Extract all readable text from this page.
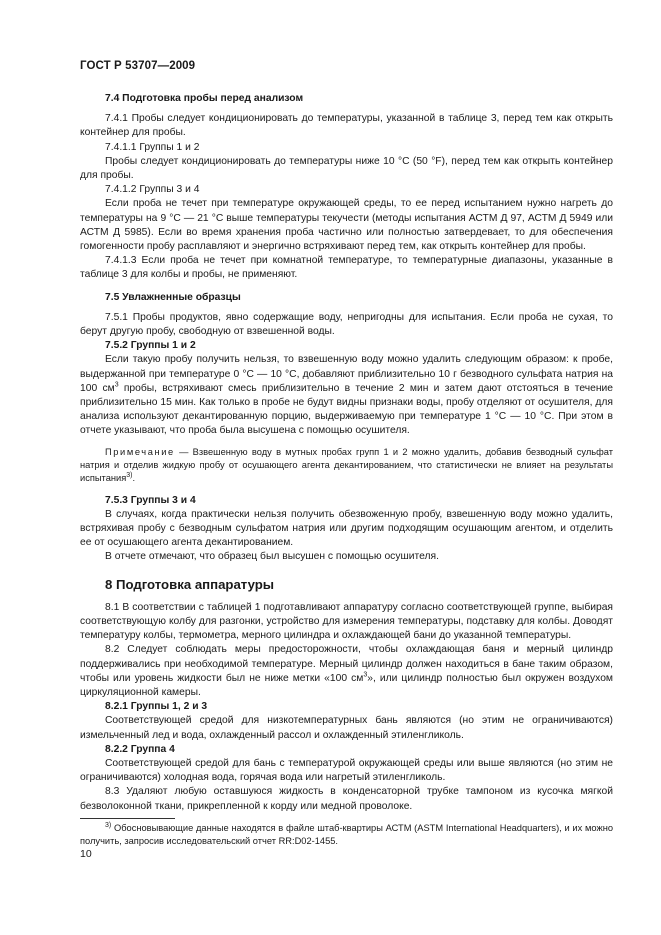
ГОСТ Р 53707—2009
7.4 Подготовка пробы перед анализом

7.4.1 Пробы следует кондиционировать до температуры, указанной в таблице 3, перед тем как открыть контейнер для пробы.

7.4.1.1 Группы 1 и 2

Пробы следует кондиционировать до температуры ниже 10 °С (50 °F), перед тем как открыть контейнер для пробы.

7.4.1.2 Группы 3 и 4

Если проба не течет при температуре окружающей среды, то ее перед испытанием нужно нагреть до температуры на 9 °С — 21 °С выше температуры текучести (методы испытания АСТМ Д 97, АСТМ Д 5949 или АСТМ Д 5985). Если во время хранения проба частично или полностью затвердевает, то для обеспечения гомогенности пробу расплавляют и энергично встряхивают перед тем, как открыть контейнер для пробы.

7.4.1.3 Если проба не течет при комнатной температуре, то температурные диапазоны, указанные в таблице 3 для колбы и пробы, не применяют.

7.5 Увлажненные образцы

7.5.1 Пробы продуктов, явно содержащие воду, непригодны для испытания. Если проба не сухая, то берут другую пробу, свободную от взвешенной воды.

7.5.2 Группы 1 и 2

Если такую пробу получить нельзя, то взвешенную воду можно удалить следующим образом: к пробе, выдержанной при температуре 0 °С — 10 °С, добавляют приблизительно 10 г безводного сульфата натрия на 100 $см^3$ пробы, встряхивают смесь приблизительно в течение 2 мин и затем дают отстояться в течение приблизительно 15 мин. Как только в пробе не будут видны признаки воды, пробу отделяют от осушителя, для анализа используют декантированную порцию, выдерживаемую при температуре 1 °С — 10 °С. При этом в отчете указывают, что проба была высушена с помощью осушителя.

Примечание — Взвешенную воду в мутных пробах групп 1 и 2 можно удалить, добавив безводный сульфат натрия и отделив жидкую пробу от осушающего агента декантированием, что статистически не влияет на результаты испытания$^{3)}$.

7.5.3 Группы 3 и 4

В случаях, когда практически нельзя получить обезвоженную пробу, взвешенную воду можно удалить, встряхивая пробу с безводным сульфатом натрия или другим подходящим осушающим агентом, и отделить ее от осушающего агента декантированием.

В отчете отмечают, что образец был высушен с помощью осушителя.

8 Подготовка аппаратуры

8.1 В соответствии с таблицей 1 подготавливают аппаратуру согласно соответствующей группе, выбирая соответствующую колбу для разгонки, устройство для измерения температуры, подставку для колбы. Доводят температуру колбы, термометра, мерного цилиндра и охлаждающей бани до указанной температуры.

8.2 Следует соблюдать меры предосторожности, чтобы охлаждающая баня и мерный цилиндр поддерживались при необходимой температуре. Мерный цилиндр должен находиться в бане таким образом, чтобы или уровень жидкости был не ниже метки «100 $см^3$», или цилиндр полностью был окружен воздухом циркуляционной камеры.

8.2.1 Группы 1, 2 и 3

Соответствующей средой для низкотемпературных бань являются (но этим не ограничиваются) измельченный лед и вода, охлажденный рассол и охлажденный этиленгликоль.

8.2.2 Группа 4

Соответствующей средой для бань с температурой окружающей среды или выше являются (но этим не ограничиваются) холодная вода, горячая вода или нагретый этиленгликоль.

8.3 Удаляют любую оставшуюся жидкость в конденсаторной трубке тампоном из кусочка мягкой безволоконной ткани, прикрепленной к корду или медной проволоке.

$^{3)}$ Обосновывающие данные находятся в файле штаб-квартиры АСТМ (ASTM International Headquarters), и их можно получить, запросив исследовательский отчет RR:D02-1455.
10
